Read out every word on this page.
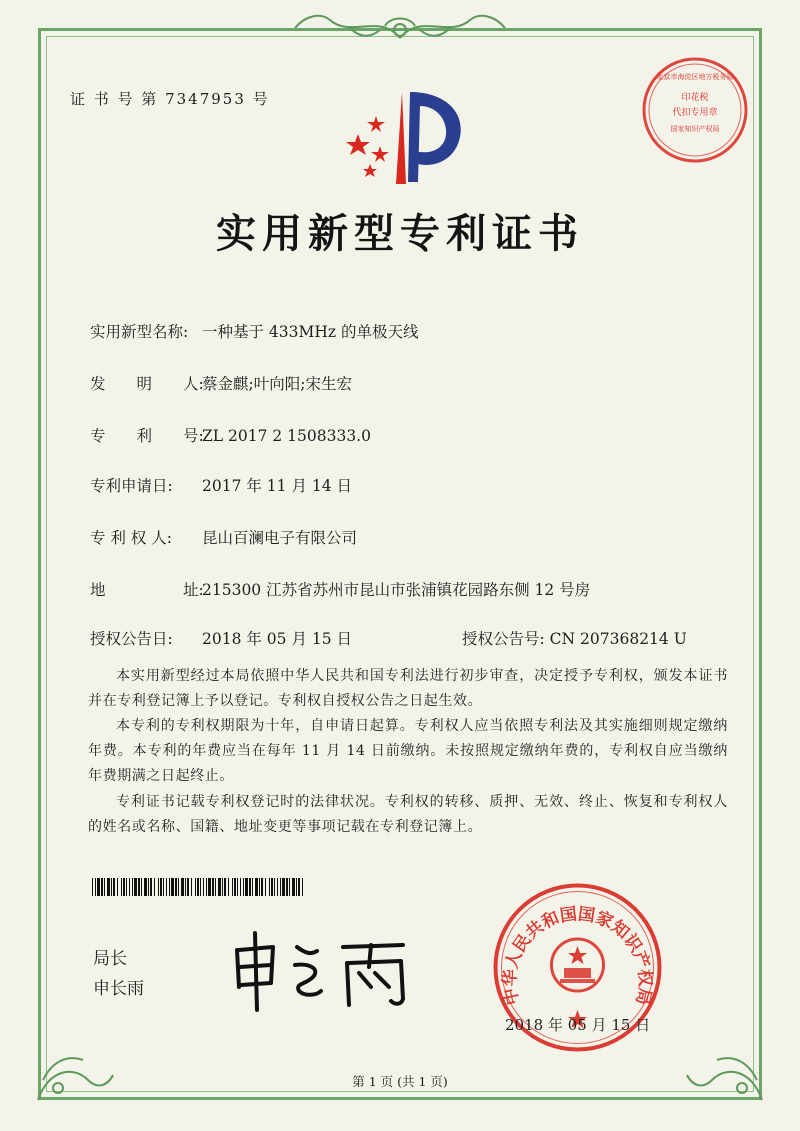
证 书 号 第 7347953 号
实用新型专利证书
实用新型名称: 一种基于 433MHz 的单极天线
发　　明　　人:蔡金麒;叶向阳;宋生宏
专　　利　　号:ZL 2017 2 1508333.0
专利申请日: 2017 年 11 月 14 日
专 利 权 人: 昆山百澜电子有限公司
地　　　　　址:215300 江苏省苏州市昆山市张浦镇花园路东侧 12 号房
授权公告日: 2018 年 05 月 15 日	授权公告号: CN 207368214 U
本实用新型经过本局依照中华人民共和国专利法进行初步审查，决定授予专利权，颁发本证书并在专利登记簿上予以登记。专利权自授权公告之日起生效。
本专利的专利权期限为十年，自申请日起算。专利权人应当依照专利法及其实施细则规定缴纳年费。本专利的年费应当在每年 11 月 14 日前缴纳。未按照规定缴纳年费的，专利权自应当缴纳年费期满之日起终止。
专利证书记载专利权登记时的法律状况。专利权的转移、质押、无效、终止、恢复和专利权人的姓名或名称、国籍、地址变更等事项记载在专利登记簿上。
局长
申长雨	中华人民共和国国家知识产权局
2018 年 05 月 15 日
印花税
代扣专用章
国家知识产权局
北京市海淀区地方税务局
第 1 页 (共 1 页)
